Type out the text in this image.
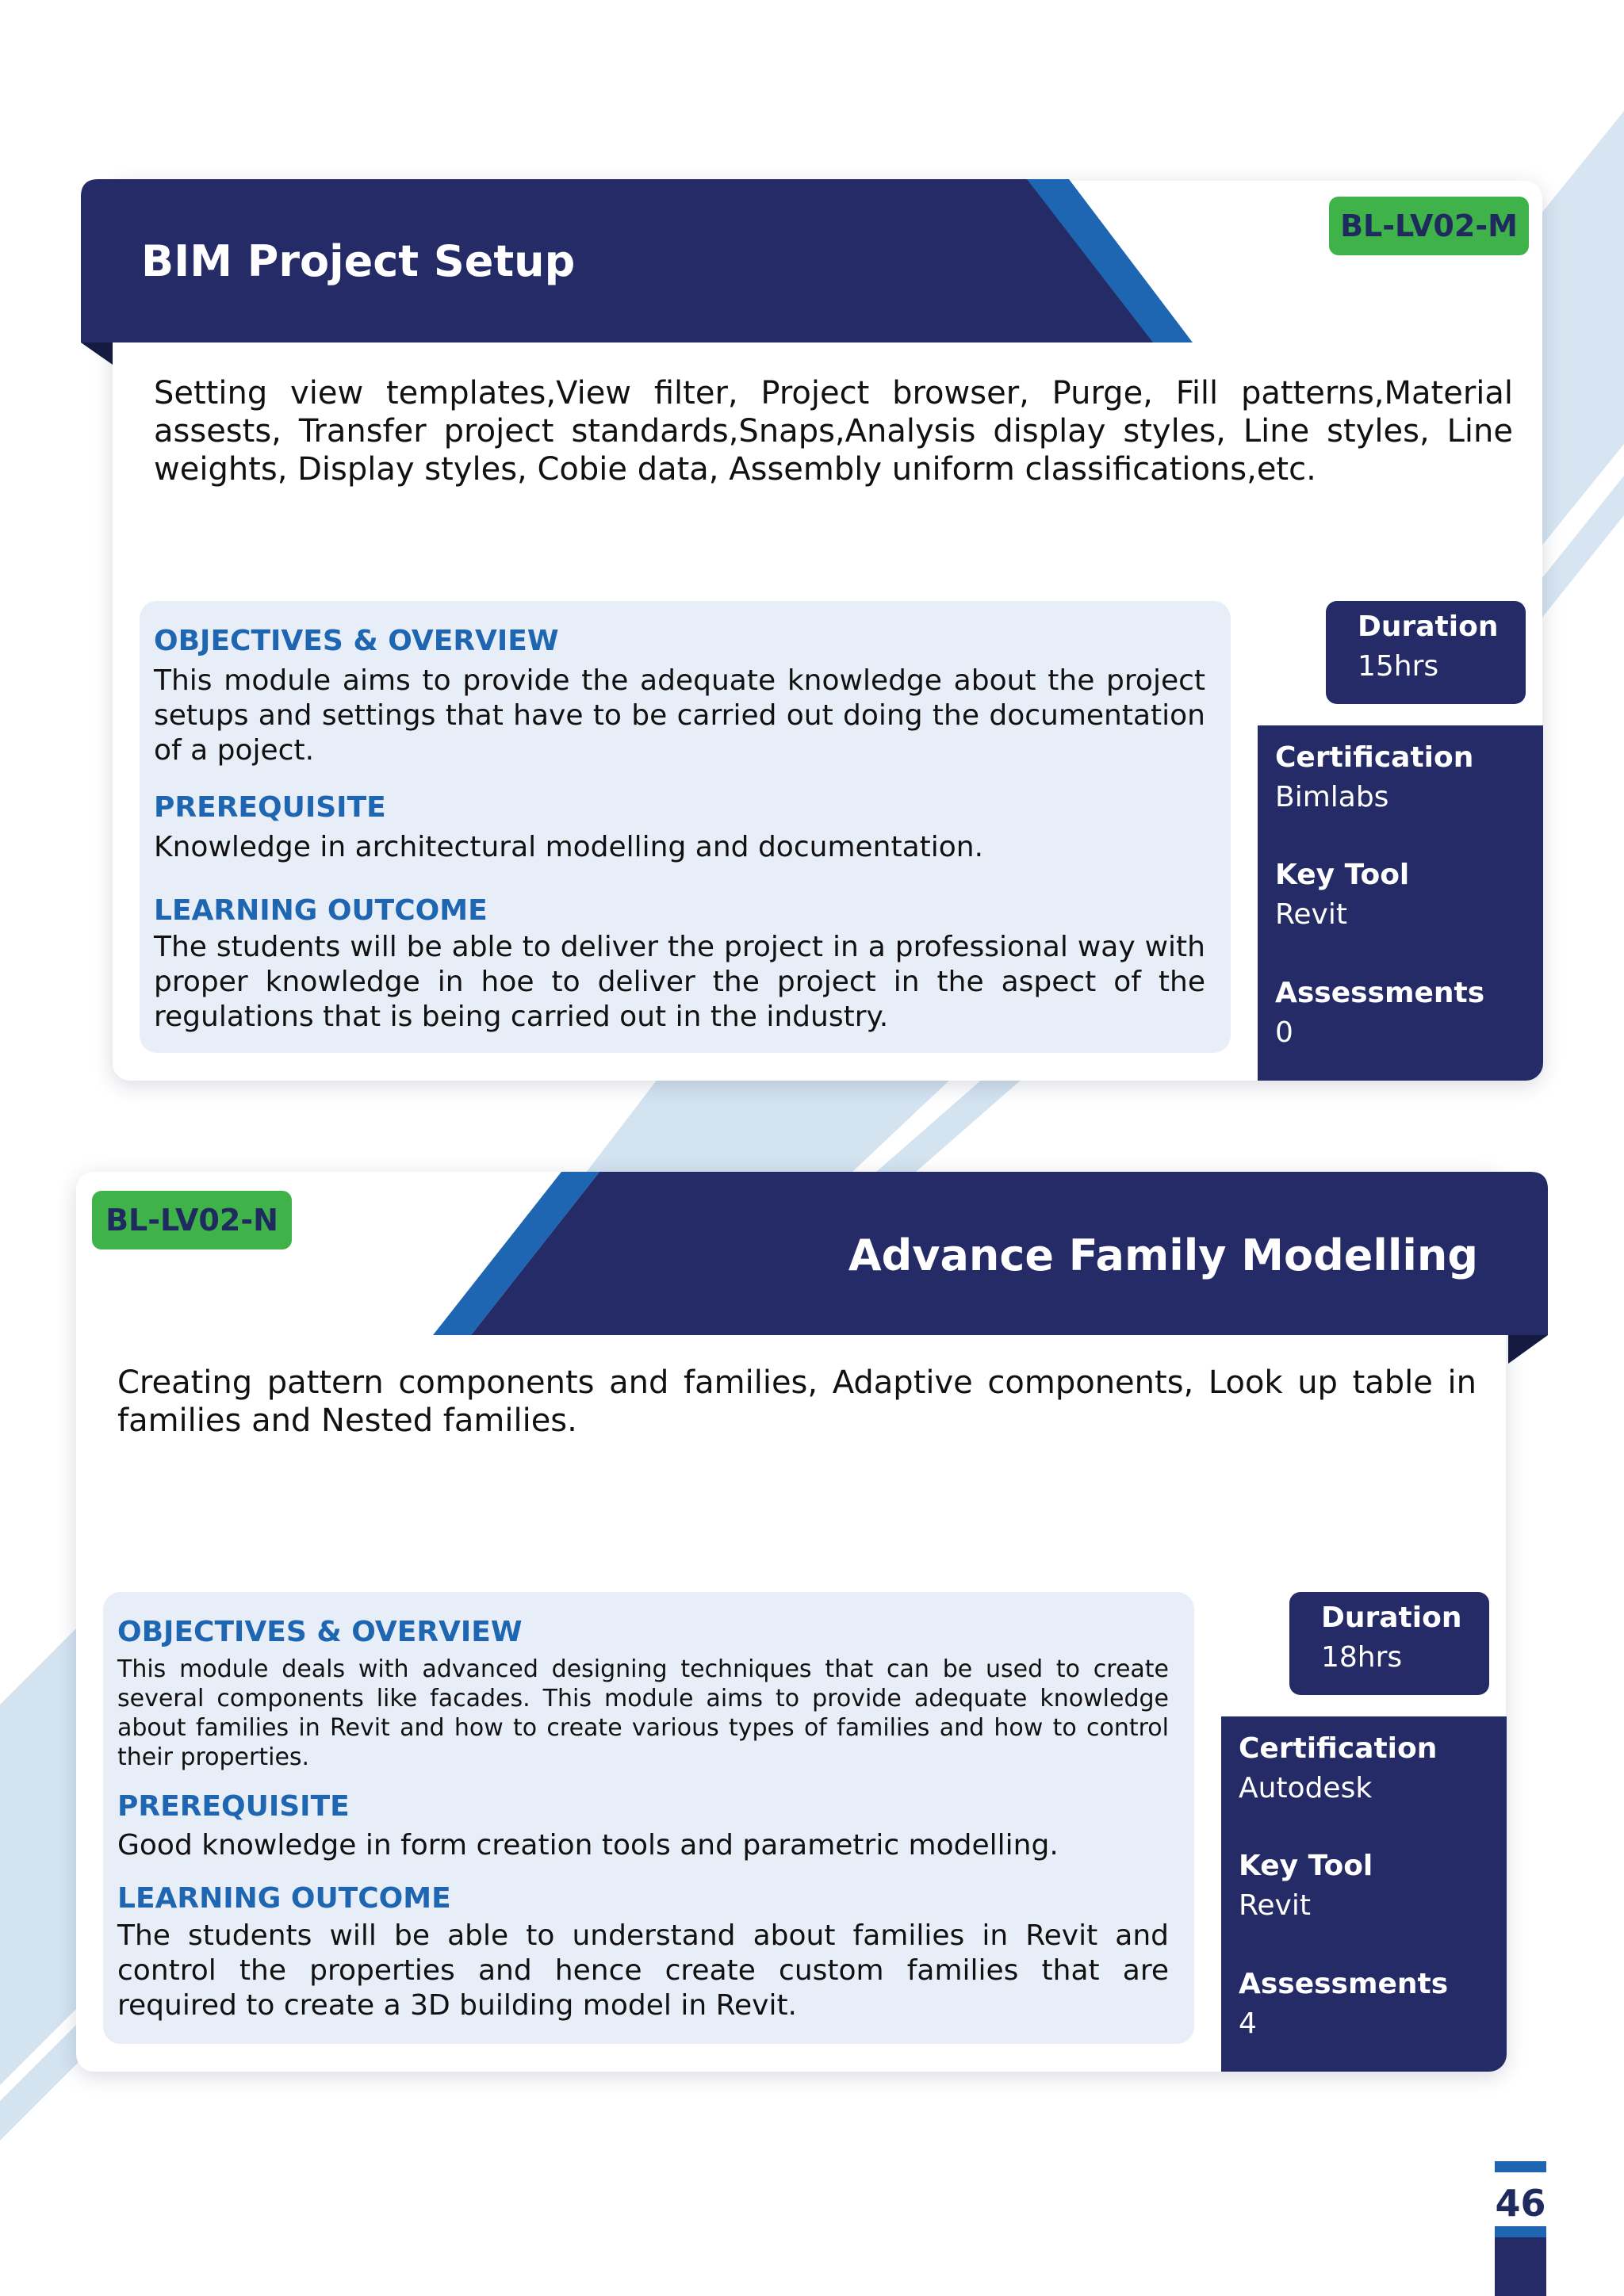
BIM Project Setup
BL-LV02-M
Setting view templates,View filter, Project browser, Purge, Fill patterns,Material assests, Transfer project standards,Snaps,Analysis display styles, Line styles, Line weights, Display styles, Cobie data, Assembly uniform classifications,etc.
OBJECTIVES & OVERVIEW
This module aims to provide the adequate knowledge about the project setups and settings that have to be carried out doing the documentation of a poject.
PREREQUISITE
Knowledge in architectural modelling and documentation.
LEARNING OUTCOME
The students will be able to deliver the project in a professional way with proper knowledge in hoe to deliver the project in the aspect of the regulations that is being carried out in the industry.
Duration
15hrs
Certification
Bimlabs
Key Tool
Revit
Assessments
0
Advance Family Modelling
BL-LV02-N
Creating pattern components and families, Adaptive components, Look up table in families and Nested families.
OBJECTIVES & OVERVIEW
This module deals with advanced designing techniques that can be used to create several components like facades. This module aims to provide adequate knowledge about families in Revit and how to create various types of families and how to control their properties.
PREREQUISITE
Good knowledge in form creation tools and parametric modelling.
LEARNING OUTCOME
The students will be able to understand about families in Revit and control the properties and hence create custom families that are required to create a 3D building model in Revit.
Duration
18hrs
Certification
Autodesk
Key Tool
Revit
Assessments
4
46
